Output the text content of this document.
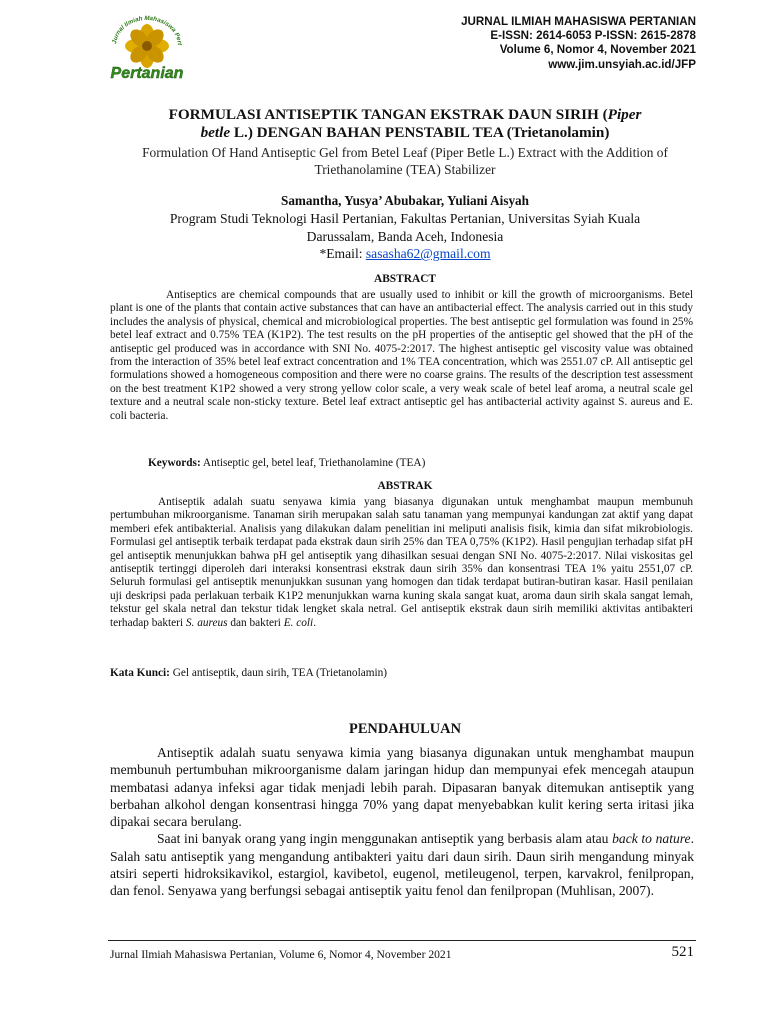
Jurnal Ilmiah Mahasiswa Pert
Pertanian
JURNAL ILMIAH MAHASISWA PERTANIAN
E-ISSN: 2614-6053 P-ISSN: 2615-2878
Volume 6, Nomor 4, November 2021
www.jim.unsyiah.ac.id/JFP
FORMULASI ANTISEPTIK TANGAN EKSTRAK DAUN SIRIH (Piper
betle L.) DENGAN BAHAN PENSTABIL TEA (Trietanolamin)
Formulation Of Hand Antiseptic Gel from Betel Leaf (Piper Betle L.) Extract with the Addition of Triethanolamine (TEA) Stabilizer
Samantha, Yusya’ Abubakar, Yuliani Aisyah
Program Studi Teknologi Hasil Pertanian, Fakultas Pertanian, Universitas Syiah Kuala
Darussalam, Banda Aceh, Indonesia
*Email: sasasha62@gmail.com
ABSTRACT

Antiseptics are chemical compounds that are usually used to inhibit or kill the growth of microorganisms. Betel plant is one of the plants that contain active substances that can have an antibacterial effect. The analysis carried out in this study includes the analysis of physical, chemical and microbiological properties. The best antiseptic gel formulation was found in 25% betel leaf extract and 0.75% TEA (K1P2). The test results on the pH properties of the antiseptic gel showed that the pH of the antiseptic gel produced was in accordance with SNI No. 4075-2:2017. The highest antiseptic gel viscosity value was obtained from the interaction of 35% betel leaf extract concentration and 1% TEA concentration, which was 2551.07 cP. All antiseptic gel formulations showed a homogeneous composition and there were no coarse grains. The results of the description test assessment on the best treatment K1P2 showed a very strong yellow color scale, a very weak scale of betel leaf aroma, a neutral scale gel texture and a neutral scale non-sticky texture. Betel leaf extract antiseptic gel has antibacterial activity against S. aureus and E. coli bacteria.

Keywords: Antiseptic gel, betel leaf, Triethanolamine (TEA)
ABSTRAK

Antiseptik adalah suatu senyawa kimia yang biasanya digunakan untuk menghambat maupun membunuh pertumbuhan mikroorganisme. Tanaman sirih merupakan salah satu tanaman yang mempunyai kandungan zat aktif yang dapat memberi efek antibakterial. Analisis yang dilakukan dalam penelitian ini meliputi analisis fisik, kimia dan sifat mikrobiologis. Formulasi gel antiseptik terbaik terdapat pada ekstrak daun sirih 25% dan TEA 0,75% (K1P2). Hasil pengujian terhadap sifat pH gel antiseptik menunjukkan bahwa pH gel antiseptik yang dihasilkan sesuai dengan SNI No. 4075-2:2017. Nilai viskositas gel antiseptik tertinggi diperoleh dari interaksi konsentrasi ekstrak daun sirih 35% dan konsentrasi TEA 1% yaitu 2551,07 cP. Seluruh formulasi gel antiseptik menunjukkan susunan yang homogen dan tidak terdapat butiran-butiran kasar. Hasil penilaian uji deskripsi pada perlakuan terbaik K1P2 menunjukkan warna kuning skala sangat kuat, aroma daun sirih skala sangat lemah, tekstur gel skala netral dan tekstur tidak lengket skala netral. Gel antiseptik ekstrak daun sirih memiliki aktivitas antibakteri terhadap bakteri S. aureus dan bakteri E. coli.

Kata Kunci: Gel antiseptik, daun sirih, TEA (Trietanolamin)
PENDAHULUAN

Antiseptik adalah suatu senyawa kimia yang biasanya digunakan untuk menghambat maupun membunuh pertumbuhan mikroorganisme dalam jaringan hidup dan mempunyai efek mencegah ataupun membatasi adanya infeksi agar tidak menjadi lebih parah. Dipasaran banyak ditemukan antiseptik yang berbahan alkohol dengan konsentrasi hingga 70% yang dapat menyebabkan kulit kering serta iritasi jika dipakai secara berulang.

Saat ini banyak orang yang ingin menggunakan antiseptik yang berbasis alam atau back to nature. Salah satu antiseptik yang mengandung antibakteri yaitu dari daun sirih. Daun sirih mengandung minyak atsiri seperti hidroksikavikol, estargiol, kavibetol, eugenol, metileugenol, terpen, karvakrol, fenilpropan, dan fenol. Senyawa yang berfungsi sebagai antiseptik yaitu fenol dan fenilpropan (Muhlisan, 2007).

Jurnal Ilmiah Mahasiswa Pertanian, Volume 6, Nomor 4, November 2021	521
